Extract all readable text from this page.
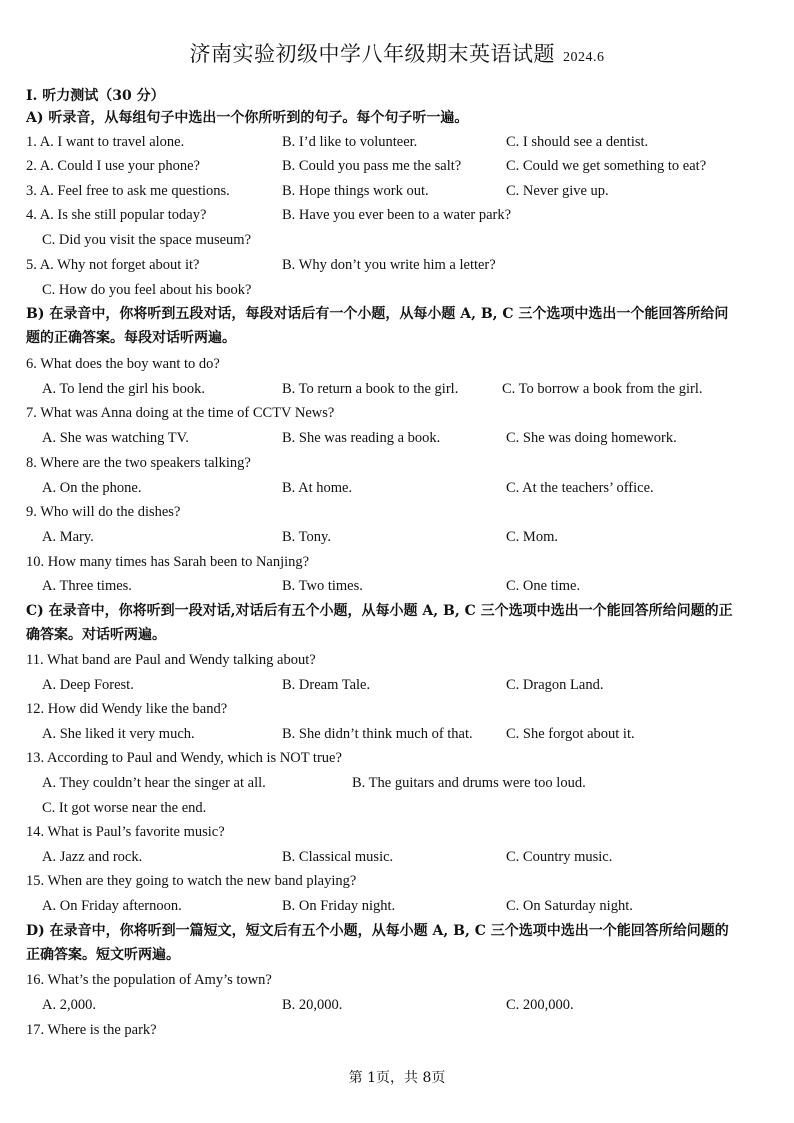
济南实验初级中学八年级期末英语试题 2024.6
I. 听力测试（30 分）
A) 听录音，从每组句子中选出一个你所听到的句子。每个句子听一遍。
1. A. I want to travel alone.	B. I’d like to volunteer.	C. I should see a dentist.
2. A. Could I use your phone?	B. Could you pass me the salt?	C. Could we get something to eat?
3. A. Feel free to ask me questions.	B. Hope things work out.	C. Never give up.
4. A. Is she still popular today?	B. Have you ever been to a water park?
C. Did you visit the space museum?
5. A. Why not forget about it?	B. Why don’t you write him a letter?
C. How do you feel about his book?
B) 在录音中，你将听到五段对话，每段对话后有一个小题，从每小题 A, B, C 三个选项中选出一个能回答所给问题的正确答案。每段对话听两遍。
6. What does the boy want to do?
A. To lend the girl his book.	B. To return a book to the girl.	C. To borrow a book from the girl.
7. What was Anna doing at the time of CCTV News?
A. She was watching TV.	B. She was reading a book.	C. She was doing homework.
8. Where are the two speakers talking?
A. On the phone.	B. At home.	C. At the teachers’ office.
9. Who will do the dishes?
A. Mary.	B. Tony.	C. Mom.
10. How many times has Sarah been to Nanjing?
A. Three times.	B. Two times.	C. One time.
C) 在录音中，你将听到一段对话,对话后有五个小题，从每小题 A, B, C 三个选项中选出一个能回答所给问题的正确答案。对话听两遍。
11. What band are Paul and Wendy talking about?
A. Deep Forest.	B. Dream Tale.	C. Dragon Land.
12. How did Wendy like the band?
A. She liked it very much.	B. She didn’t think much of that. C. She forgot about it.
13. According to Paul and Wendy, which is NOT true?
A. They couldn’t hear the singer at all.	B. The guitars and drums were too loud.
C. It got worse near the end.
14. What is Paul’s favorite music?
A. Jazz and rock.	B. Classical music.	C. Country music.
15. When are they going to watch the new band playing?
A. On Friday afternoon.	B. On Friday night.	C. On Saturday night.
D) 在录音中，你将听到一篇短文，短文后有五个小题，从每小题 A, B, C 三个选项中选出一个能回答所给问题的正确答案。短文听两遍。
16. What’s the population of Amy’s town?
A. 2,000.	B. 20,000.	C. 200,000.
17. Where is the park?
第 1页，共 8页
